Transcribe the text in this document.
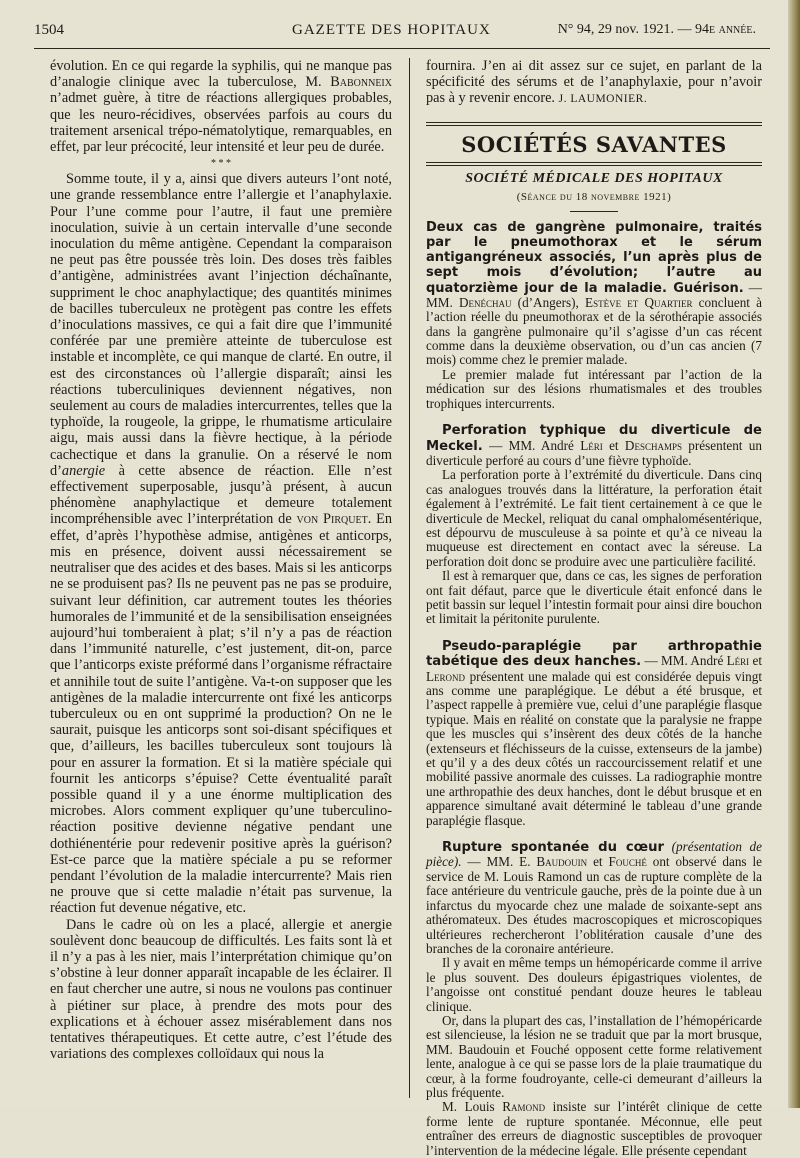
1504	GAZETTE DES HOPITAUX	N° 94, 29 nov. 1921. — 94e année.

évolution. En ce qui regarde la syphilis, qui ne manque pas d’analogie clinique avec la tuberculose, M. Babonneix n’admet guère, à titre de réactions allergiques probables, que les neuro-récidives, observées parfois au cours du traitement arsenical trépo-nématolytique, remarquables, en effet, par leur précocité, leur intensité et leur peu de durée.

* * *

Somme toute, il y a, ainsi que divers auteurs l’ont noté, une grande ressemblance entre l’allergie et l’anaphylaxie. Pour l’une comme pour l’autre, il faut une première inoculation, suivie à un certain intervalle d’une seconde inoculation du même antigène. Cependant la comparaison ne peut pas être poussée très loin. Des doses très faibles d’antigène, administrées avant l’injection déchaînante, suppriment le choc anaphylactique; des quantités minimes de bacilles tuberculeux ne protègent pas contre les effets d’inoculations massives, ce qui a fait dire que l’immunité conférée par une première atteinte de tuberculose est instable et incomplète, ce qui manque de clarté. En outre, il est des circonstances où l’allergie disparaît; ainsi les réactions tuberculiniques deviennent négatives, non seulement au cours de maladies intercurrentes, telles que la typhoïde, la rougeole, la grippe, le rhumatisme articulaire aigu, mais aussi dans la fièvre hectique, à la période cachectique et dans la granulie. On a réservé le nom d’anergie à cette absence de réaction. Elle n’est effectivement superposable, jusqu’à présent, à aucun phénomène anaphylactique et demeure totalement incompréhensible avec l’interprétation de von Pirquet. En effet, d’après l’hypothèse admise, antigènes et anticorps, mis en présence, doivent aussi nécessairement se neutraliser que des acides et des bases. Mais si les anticorps ne se produisent pas? Ils ne peuvent pas ne pas se produire, suivant leur définition, car autrement toutes les théories humorales de l’immunité et de la sensibilisation enseignées aujourd’hui tomberaient à plat; s’il n’y a pas de réaction dans l’immunité naturelle, c’est justement, dit-on, parce que l’anticorps existe préformé dans l’organisme réfractaire et annihile tout de suite l’antigène. Va-t-on supposer que les antigènes de la maladie intercurrente ont fixé les anticorps tuberculeux ou en ont supprimé la production? On ne le saurait, puisque les anticorps sont soi-disant spécifiques et que, d’ailleurs, les bacilles tuberculeux sont toujours là pour en assurer la formation. Et si la matière spéciale qui fournit les anticorps s’épuise? Cette éventualité paraît possible quand il y a une énorme multiplication des microbes. Alors comment expliquer qu’une tuberculino-réaction positive devienne négative pendant une dothiénentérie pour redevenir positive après la guérison? Est-ce parce que la matière spéciale a pu se reformer pendant l’évolution de la maladie intercurrente? Mais rien ne prouve que si cette maladie n’était pas survenue, la réaction fut devenue négative, etc.

Dans le cadre où on les a placé, allergie et anergie soulèvent donc beaucoup de difficultés. Les faits sont là et il n’y a pas à les nier, mais l’interprétation chimique qu’on s’obstine à leur donner apparaît incapable de les éclairer. Il en faut chercher une autre, si nous ne voulons pas continuer à piétiner sur place, à prendre des mots pour des explications et à échouer assez misérablement dans nos tentatives thérapeutiques. Et cette autre, c’est l’étude des variations des complexes colloïdaux qui nous la

fournira. J’en ai dit assez sur ce sujet, en parlant de la spécificité des sérums et de l’anaphylaxie, pour n’avoir pas à y revenir encore. J. LAUMONIER.

SOCIÉTÉS SAVANTES
SOCIÉTÉ MÉDICALE DES HOPITAUX
(Séance du 18 novembre 1921)

Deux cas de gangrène pulmonaire, traités par le pneumothorax et le sérum antigangréneux associés, l’un après plus de sept mois d’évolution; l’autre au quatorzième jour de la maladie. Guérison. — MM. Denéchau (d’Angers), Estève et Quartier concluent à l’action réelle du pneumothorax et de la sérothérapie associés dans la gangrène pulmonaire qu’il s’agisse d’un cas récent comme dans la deuxième observation, ou d’un cas ancien (7 mois) comme chez le premier malade.

Le premier malade fut intéressant par l’action de la médication sur des lésions rhumatismales et des troubles trophiques intercurrents.

Perforation typhique du diverticule de Meckel. — MM. André Léri et Deschamps présentent un diverticule perforé au cours d’une fièvre typhoïde.

La perforation porte à l’extrémité du diverticule. Dans cinq cas analogues trouvés dans la littérature, la perforation était également à l’extrémité. Le fait tient certainement à ce que le diverticule de Meckel, reliquat du canal omphalomésentérique, est dépourvu de musculeuse à sa pointe et qu’à ce niveau la muqueuse est directement en contact avec la séreuse. La perforation doit donc se produire avec une particulière facilité.

Il est à remarquer que, dans ce cas, les signes de perforation ont fait défaut, parce que le diverticule était enfoncé dans le petit bassin sur lequel l’intestin formait pour ainsi dire bouchon et limitait la péritonite purulente.

Pseudo-paraplégie par arthropathie tabétique des deux hanches. — MM. André Léri et Lerond présentent une malade qui est considérée depuis vingt ans comme une paraplégique. Le début a été brusque, et l’aspect rappelle à première vue, celui d’une paraplégie flasque typique. Mais en réalité on constate que la paralysie ne frappe que les muscles qui s’insèrent des deux côtés de la hanche (extenseurs et fléchisseurs de la cuisse, extenseurs de la jambe) et qu’il y a des deux côtés un raccourcissement relatif et une mobilité passive anormale des cuisses. La radiographie montre une arthropathie des deux hanches, dont le début brusque et en apparence simultané avait déterminé le tableau d’une grande paraplégie flasque.

Rupture spontanée du cœur (présentation de pièce). — MM. E. Baudouin et Fouché ont observé dans le service de M. Louis Ramond un cas de rupture complète de la face antérieure du ventricule gauche, près de la pointe due à un infarctus du myocarde chez une malade de soixante-sept ans athéromateux. Des études macroscopiques et microscopiques ultérieures rechercheront l’oblitération causale d’une des branches de la coronaire antérieure.

Il y avait en même temps un hémopéricarde comme il arrive le plus souvent. Des douleurs épigastriques violentes, de l’angoisse ont constitué pendant douze heures le tableau clinique.

Or, dans la plupart des cas, l’installation de l’hémopéricarde est silencieuse, la lésion ne se traduit que par la mort brusque, MM. Baudouin et Fouché opposent cette forme relativement lente, analogue à ce qui se passe lors de la plaie traumatique du cœur, à la forme foudroyante, celle-ci demeurant d’ailleurs la plus fréquente.

M. Louis Ramond insiste sur l’intérêt clinique de cette forme lente de rupture spontanée. Méconnue, elle peut entraîner des erreurs de diagnostic susceptibles de provoquer l’intervention de la médecine légale. Elle présente cependant
